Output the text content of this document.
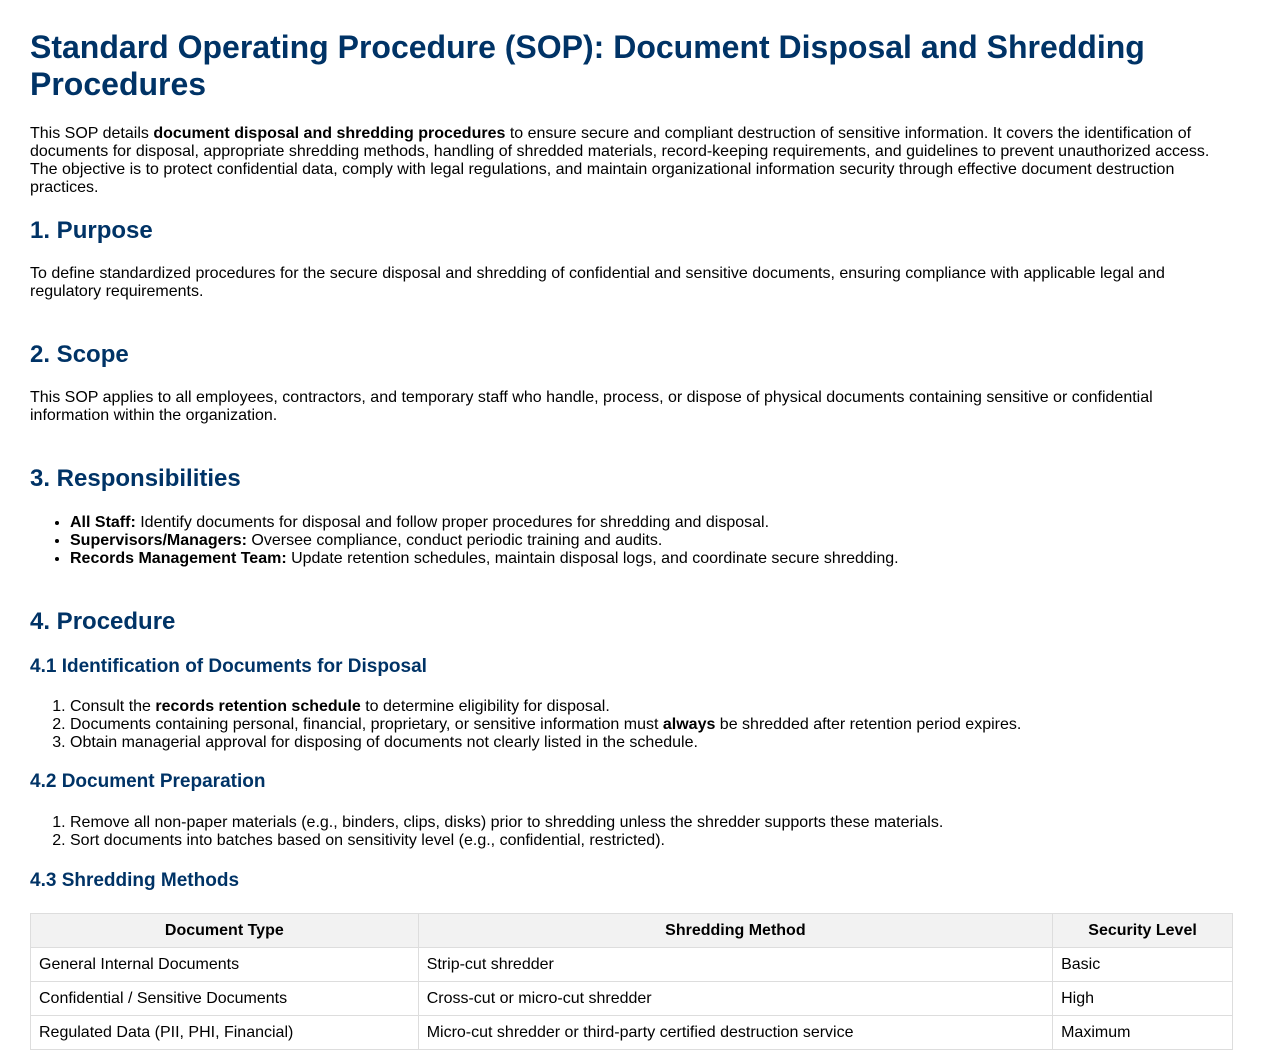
Standard Operating Procedure (SOP): Document Disposal and Shredding Procedures

This SOP details document disposal and shredding procedures to ensure secure and compliant destruction of sensitive information. It covers the identification of documents for disposal, appropriate shredding methods, handling of shredded materials, record-keeping requirements, and guidelines to prevent unauthorized access. The objective is to protect confidential data, comply with legal regulations, and maintain organizational information security through effective document destruction practices.

1. Purpose

To define standardized procedures for the secure disposal and shredding of confidential and sensitive documents, ensuring compliance with applicable legal and regulatory requirements.

2. Scope

This SOP applies to all employees, contractors, and temporary staff who handle, process, or dispose of physical documents containing sensitive or confidential information within the organization.

3. Responsibilities
• All Staff: Identify documents for disposal and follow proper procedures for shredding and disposal.
• Supervisors/Managers: Oversee compliance, conduct periodic training and audits.
• Records Management Team: Update retention schedules, maintain disposal logs, and coordinate secure shredding.
4. Procedure
4.1 Identification of Documents for Disposal
1. Consult the records retention schedule to determine eligibility for disposal.
2. Documents containing personal, financial, proprietary, or sensitive information must always be shredded after retention period expires.
3. Obtain managerial approval for disposing of documents not clearly listed in the schedule.
4.2 Document Preparation
1. Remove all non-paper materials (e.g., binders, clips, disks) prior to shredding unless the shredder supports these materials.
2. Sort documents into batches based on sensitivity level (e.g., confidential, restricted).
4.3 Shredding Methods
Document Type	Shredding Method	Security Level
General Internal Documents	Strip-cut shredder	Basic
Confidential / Sensitive Documents	Cross-cut or micro-cut shredder	High
Regulated Data (PII, PHI, Financial)	Micro-cut shredder or third-party certified destruction service	Maximum
